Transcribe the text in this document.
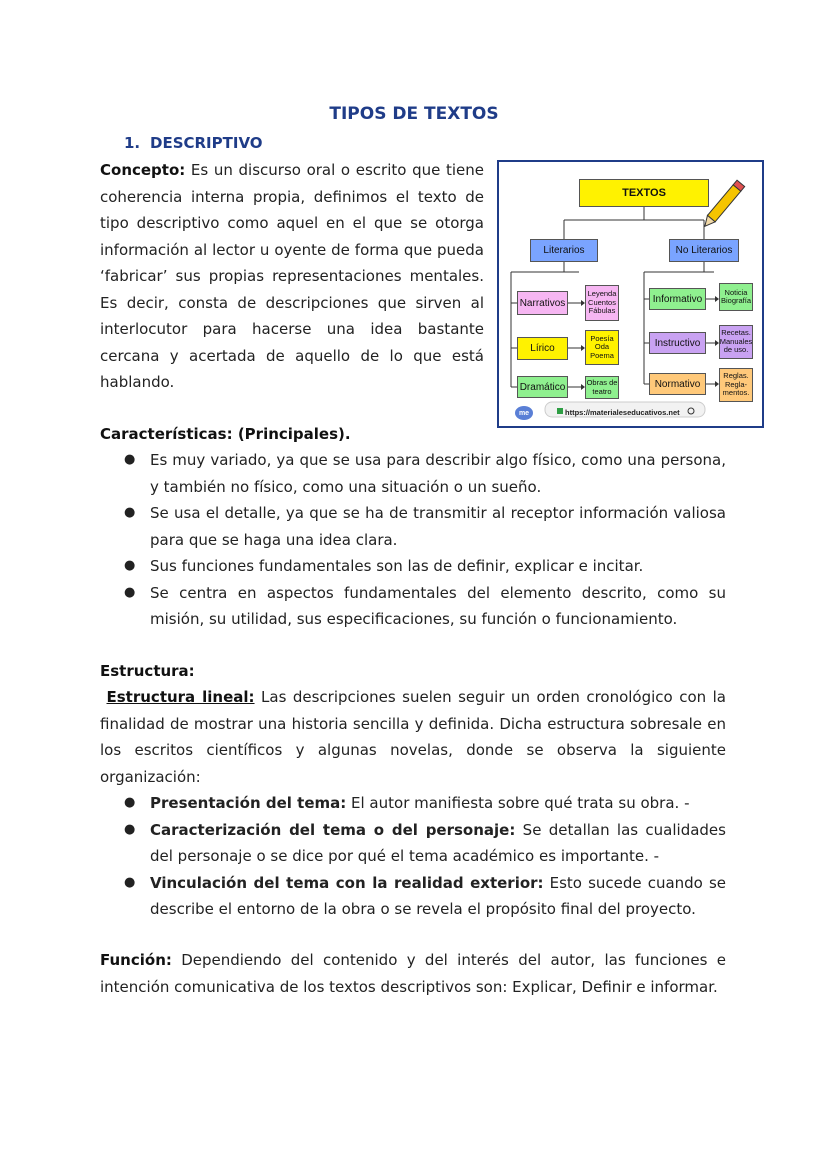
TIPOS DE TEXTOS
1. DESCRIPTIVO
Concepto: Es un discurso oral o escrito que tiene coherencia interna propia, definimos el texto de tipo descriptivo como aquel en el que se otorga información al lector u oyente de forma que pueda ‘fabricar’ sus propias representaciones mentales. Es decir, consta de descripciones que sirven al interlocutor para hacerse una idea bastante cercana y acertada de aquello de lo que está hablando.
TEXTOS
Literarios	No Literarios
Narrativos
Leyenda
Cuentos
Fábulas
Lírico
Poesía
Oda
Poema
Dramático	Obras de
teatro
Informativo
Noticia
Biografía
Instructivo
Recetas.
Manuales
de uso.
Normativo
Reglas.
Regla-
mentos.
me	https://materialeseducativos.net
Características: (Principales).
● Es muy variado, ya que se usa para describir algo físico, como una persona, y también no físico, como una situación o un sueño.
● Se usa el detalle, ya que se ha de transmitir al receptor información valiosa para que se haga una idea clara.
● Sus funciones fundamentales son las de definir, explicar e incitar.
● Se centra en aspectos fundamentales del elemento descrito, como su misión, su utilidad, sus especificaciones, su función o funcionamiento.
Estructura:
Estructura lineal: Las descripciones suelen seguir un orden cronológico con la finalidad de mostrar una historia sencilla y definida. Dicha estructura sobresale en los escritos científicos y algunas novelas, donde se observa la siguiente organización:
● Presentación del tema: El autor manifiesta sobre qué trata su obra. -
● Caracterización del tema o del personaje: Se detallan las cualidades del personaje o se dice por qué el tema académico es importante. -
● Vinculación del tema con la realidad exterior: Esto sucede cuando se describe el entorno de la obra o se revela el propósito final del proyecto.
Función: Dependiendo del contenido y del interés del autor, las funciones e intención comunicativa de los textos descriptivos son: Explicar, Definir e informar.
